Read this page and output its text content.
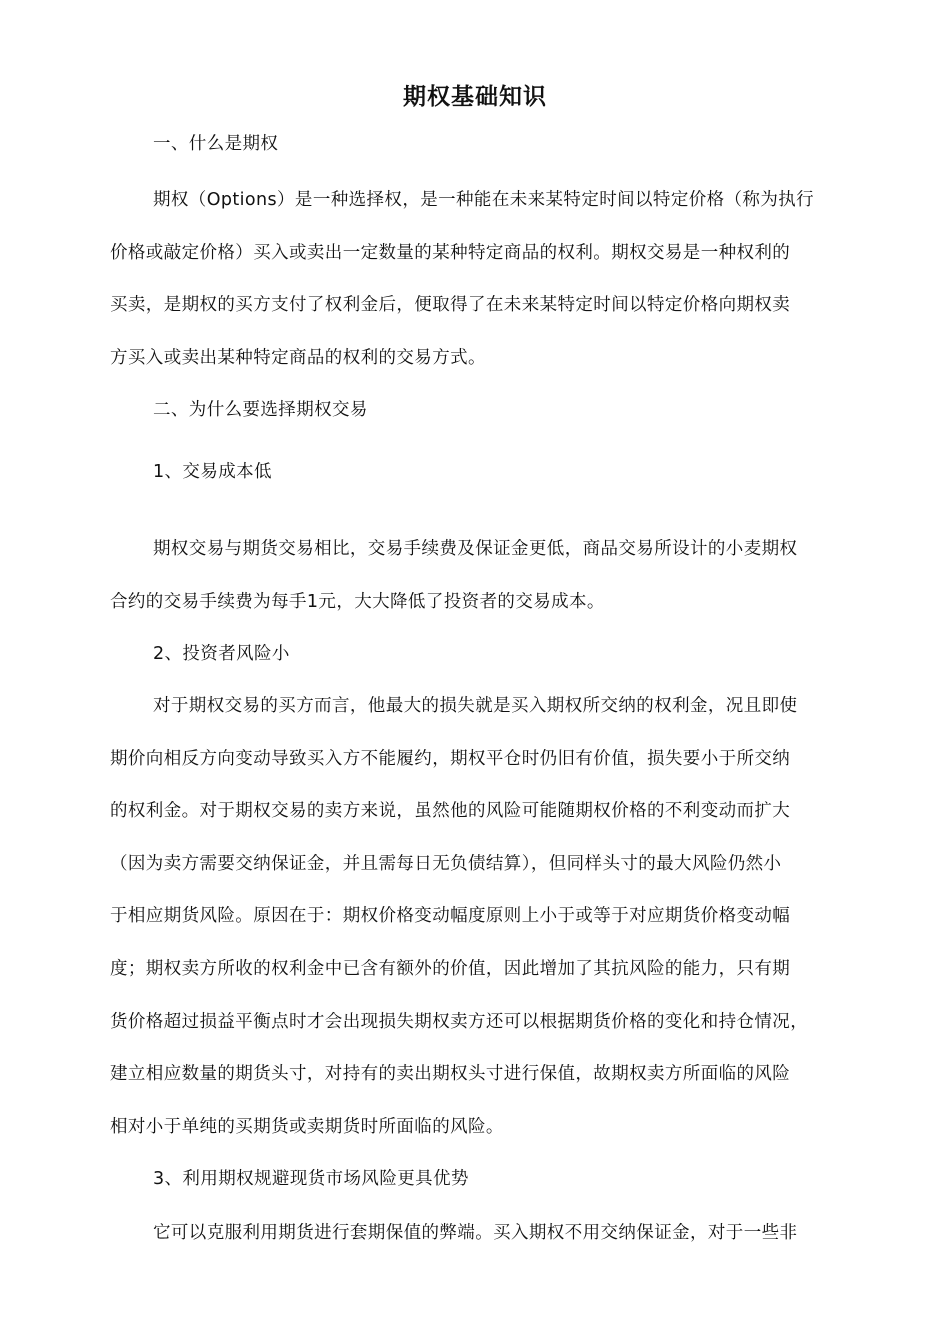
期权基础知识
一、什么是期权
期权（Options）是一种选择权，是一种能在未来某特定时间以特定价格（称为执行
价格或敲定价格）买入或卖出一定数量的某种特定商品的权利。期权交易是一种权利的
买卖，是期权的买方支付了权利金后，便取得了在未来某特定时间以特定价格向期权卖
方买入或卖出某种特定商品的权利的交易方式。
二、为什么要选择期权交易
1、交易成本低
期权交易与期货交易相比，交易手续费及保证金更低，商品交易所设计的小麦期权
合约的交易手续费为每手1元，大大降低了投资者的交易成本。
2、投资者风险小
对于期权交易的买方而言，他最大的损失就是买入期权所交纳的权利金，况且即使
期价向相反方向变动导致买入方不能履约，期权平仓时仍旧有价值，损失要小于所交纳
的权利金。对于期权交易的卖方来说，虽然他的风险可能随期权价格的不利变动而扩大
（因为卖方需要交纳保证金，并且需每日无负债结算），但同样头寸的最大风险仍然小
于相应期货风险。原因在于：期权价格变动幅度原则上小于或等于对应期货价格变动幅
度；期权卖方所收的权利金中已含有额外的价值，因此增加了其抗风险的能力，只有期
货价格超过损益平衡点时才会出现损失期权卖方还可以根据期货价格的变化和持仓情况，
建立相应数量的期货头寸，对持有的卖出期权头寸进行保值，故期权卖方所面临的风险
相对小于单纯的买期货或卖期货时所面临的风险。
3、利用期权规避现货市场风险更具优势
它可以克服利用期货进行套期保值的弊端。买入期权不用交纳保证金，对于一些非
